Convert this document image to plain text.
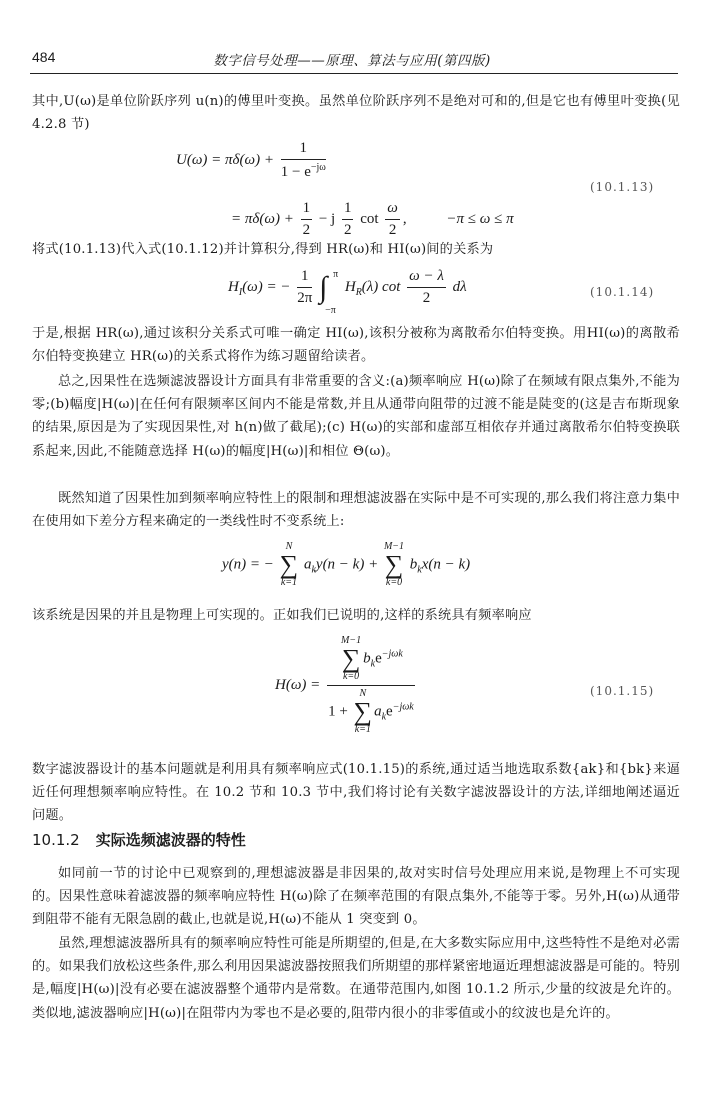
484	数字信号处理——原理、算法与应用(第四版)
其中,U(ω)是单位阶跃序列 u(n)的傅里叶变换。虽然单位阶跃序列不是绝对可和的,但是它也有傅里叶变换(见 4.2.8 节)
$U(\omega) = \pi\delta(\omega) + \frac{1}{1 - e^{-j\omega}}$
= $\pi\delta(\omega) + \frac{1}{2} - j \frac{1}{2}$ $\cot \frac{\omega}{2}$ , −π ≤ ω ≤ π
(10.1.13)
将式(10.1.13)代入式(10.1.12)并计算积分,得到 HR(ω)和 HI(ω)间的关系为
$H_I(\omega)$ = − $\frac{1}{2\pi}$ ∫ π
−π
$H_R(\lambda)$ $\cot \frac{\omega - \lambda}{2}$ dλ	(10.1.14)
于是,根据 HR(ω),通过该积分关系式可唯一确定 HI(ω),该积分被称为离散希尔伯特变换。用HI(ω)的离散希尔伯特变换建立 HR(ω)的关系式将作为练习题留给读者。
总之,因果性在选频滤波器设计方面具有非常重要的含义:(a)频率响应 H(ω)除了在频域有限点集外,不能为零;(b)幅度|H(ω)|在任何有限频率区间内不能是常数,并且从通带向阻带的过渡不能是陡变的(这是吉布斯现象的结果,原因是为了实现因果性,对 h(n)做了截尾);(c) H(ω)的实部和虚部互相依存并通过离散希尔伯特变换联系起来,因此,不能随意选择 H(ω)的幅度|H(ω)|和相位 Θ(ω)。
既然知道了因果性加到频率响应特性上的限制和理想滤波器在实际中是不可实现的,那么我们将注意力集中在使用如下差分方程来确定的一类线性时不变系统上:
y(n) = −
N
∑
k=1
$a_ky(n - k)$ +
M−1
∑
k=0
$b_kx(n - k)$
该系统是因果的并且是物理上可实现的。正如我们已说明的,这样的系统具有频率响应
H(ω) =
M−1
∑
k=0
$b_ke^{-j\omega k}$
1 +
N
∑
k=1
$a_ke^{-j\omega k}$
(10.1.15)
数字滤波器设计的基本问题就是利用具有频率响应式(10.1.15)的系统,通过适当地选取系数{ak}和{bk}来逼近任何理想频率响应特性。在 10.2 节和 10.3 节中,我们将讨论有关数字滤波器设计的方法,详细地阐述逼近问题。
10.1.2 实际选频滤波器的特性
如同前一节的讨论中已观察到的,理想滤波器是非因果的,故对实时信号处理应用来说,是物理上不可实现的。因果性意味着滤波器的频率响应特性 H(ω)除了在频率范围的有限点集外,不能等于零。另外,H(ω)从通带到阻带不能有无限急剧的截止,也就是说,H(ω)不能从 1 突变到 0。
虽然,理想滤波器所具有的频率响应特性可能是所期望的,但是,在大多数实际应用中,这些特性不是绝对必需的。如果我们放松这些条件,那么利用因果滤波器按照我们所期望的那样紧密地逼近理想滤波器是可能的。特别是,幅度|H(ω)|没有必要在滤波器整个通带内是常数。在通带范围内,如图 10.1.2 所示,少量的纹波是允许的。类似地,滤波器响应|H(ω)|在阻带内为零也不是必要的,阻带内很小的非零值或小的纹波也是允许的。
